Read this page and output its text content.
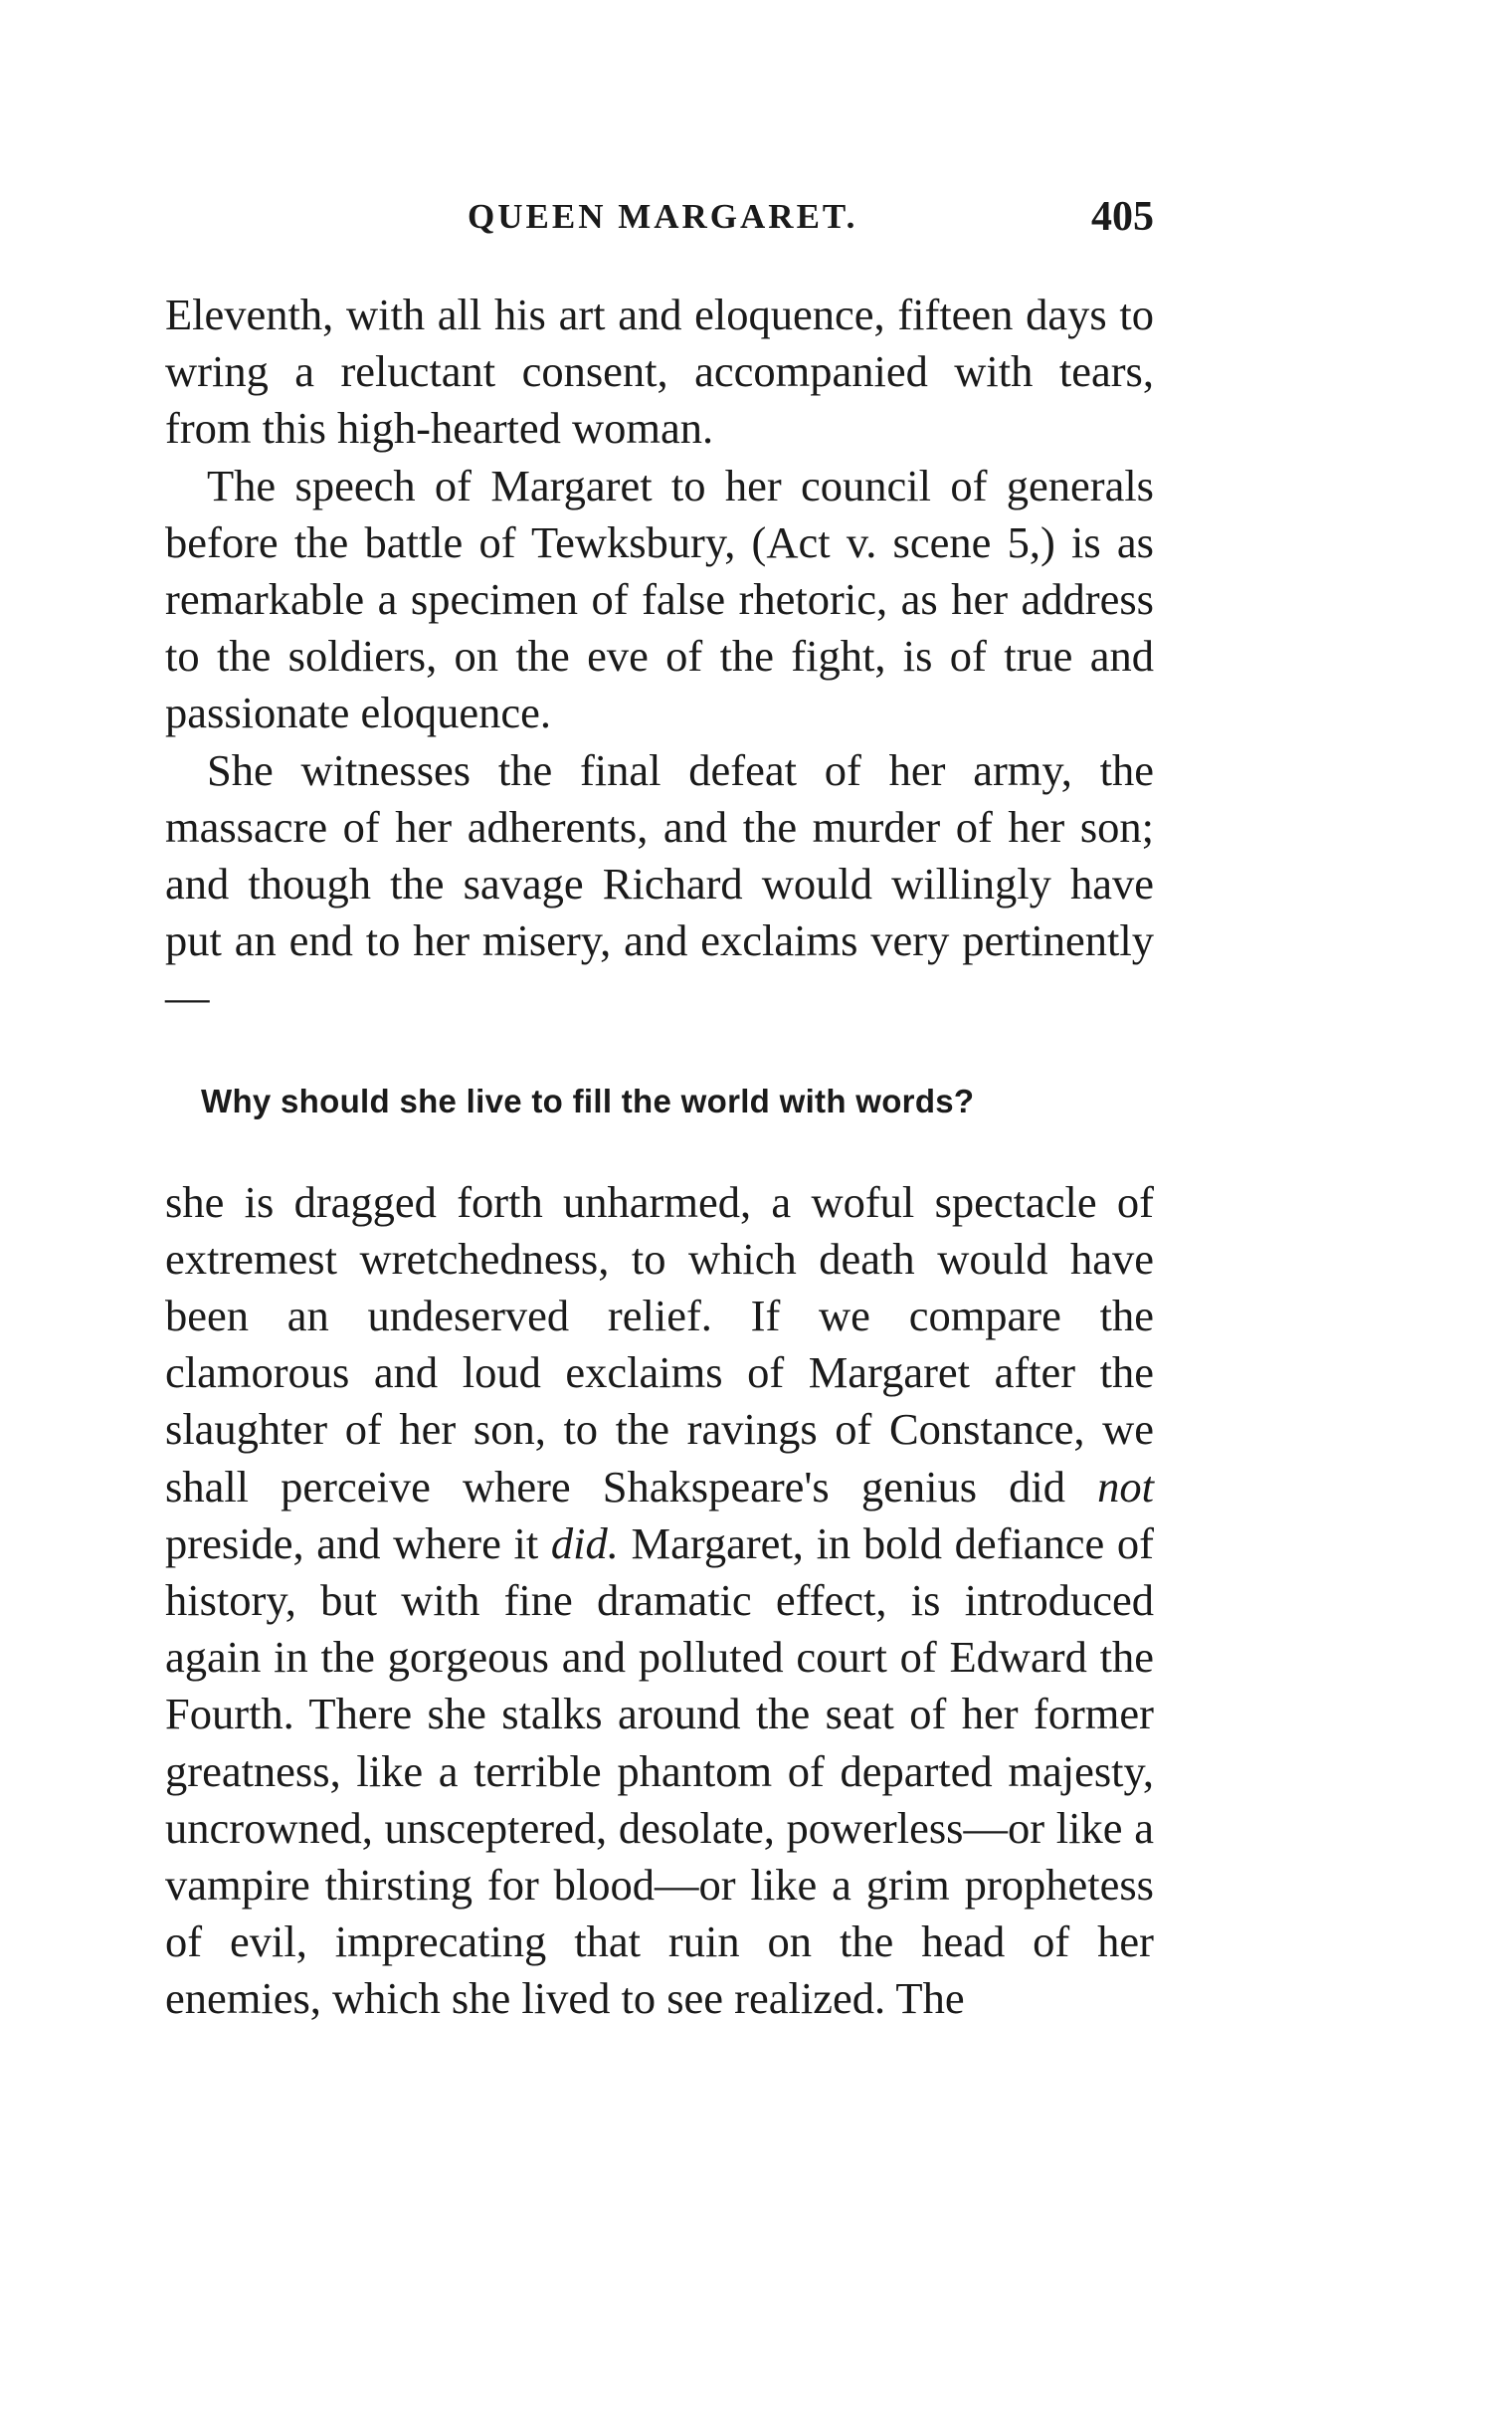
QUEEN MARGARET.	405

Eleventh, with all his art and eloquence, fifteen days to wring a reluctant consent, accompanied with tears, from this high-hearted woman.

The speech of Margaret to her council of generals before the battle of Tewksbury, (Act v. scene 5,) is as remarkable a specimen of false rhetoric, as her address to the soldiers, on the eve of the fight, is of true and passionate eloquence.

She witnesses the final defeat of her army, the massacre of her adherents, and the murder of her son; and though the savage Richard would willingly have put an end to her misery, and exclaims very pertinently—

Why should she live to fill the world with words?

she is dragged forth unharmed, a woful spectacle of extremest wretchedness, to which death would have been an undeserved relief. If we compare the clamorous and loud exclaims of Margaret after the slaughter of her son, to the ravings of Constance, we shall perceive where Shakspeare's genius did not preside, and where it did. Margaret, in bold defiance of history, but with fine dramatic effect, is introduced again in the gorgeous and polluted court of Edward the Fourth. There she stalks around the seat of her former greatness, like a terrible phantom of departed majesty, uncrowned, unsceptered, desolate, powerless—or like a vampire thirsting for blood—or like a grim prophetess of evil, imprecating that ruin on the head of her enemies, which she lived to see realized. The
